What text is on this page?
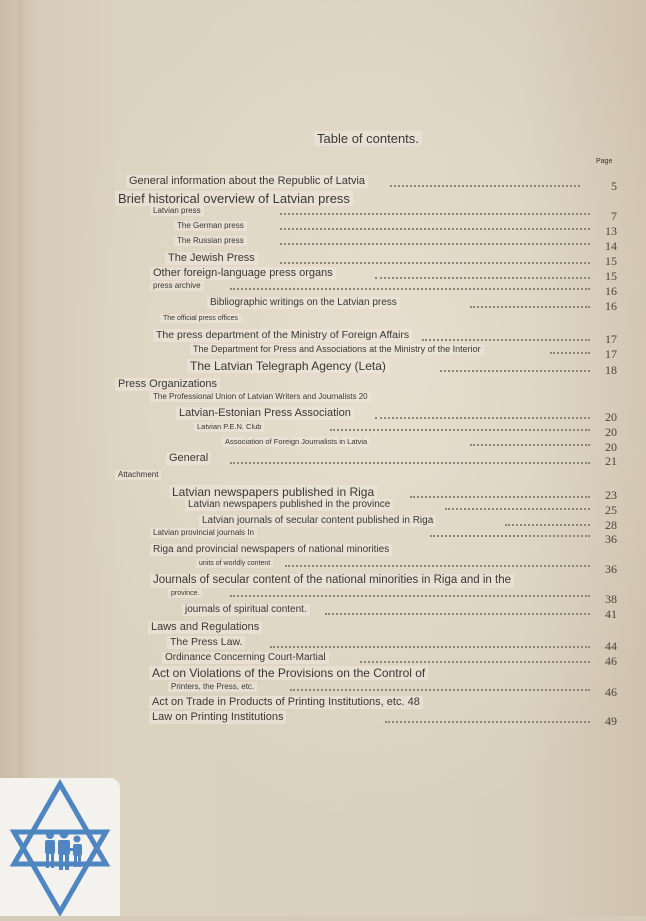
Table of contents.
Page
General information about the Republic of Latvia	5
Brief historical overview of Latvian press
Latvian press	7
The German press	13
The Russian press	14
The Jewish Press	15
Other foreign-language press organs	15
press archive	16
Bibliographic writings on the Latvian press	16
The official press offices
The press department of the Ministry of Foreign Affairs	17
The Department for Press and Associations at the Ministry of the Interior	17
The Latvian Telegraph Agency (Leta)	18
Press Organizations
The Professional Union of Latvian Writers and Journalists 20
Latvian-Estonian Press Association	20
Latvian P.E.N. Club	20
Association of Foreign Journalists in Latvia	20
General	21
Attachment
Latvian newspapers published in Riga	23
Latvian newspapers published in the province	25
Latvian journals of secular content published in Riga	28
Latvian provincial journals In	36
Riga and provincial newspapers of national minorities
units of worldly content	36
Journals of secular content of the national minorities in Riga and in the
province.	38
journals of spiritual content.	41
Laws and Regulations
The Press Law.	44
Ordinance Concerning Court-Martial	46
Act on Violations of the Provisions on the Control of
Printers, the Press, etc.	46
Act on Trade in Products of Printing Institutions, etc. 48
Law on Printing Institutions	49
